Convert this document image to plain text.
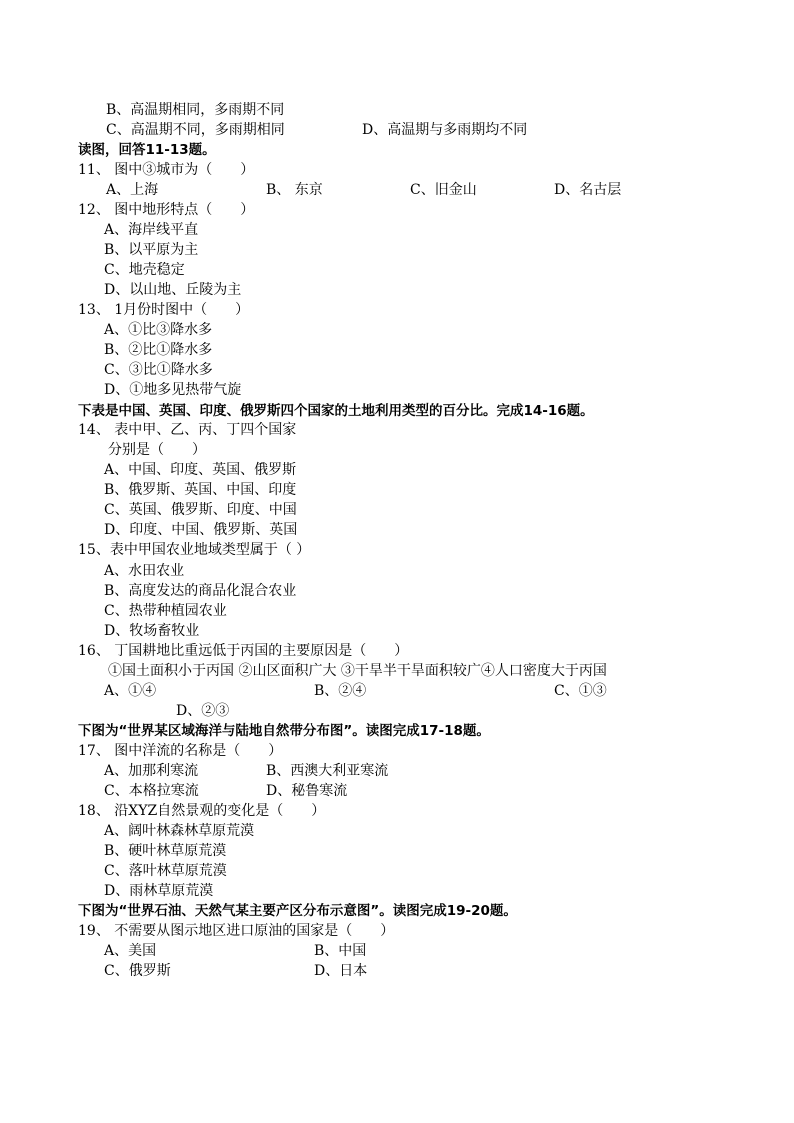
B、高温期相同，多雨期不同
C、高温期不同，多雨期相同	D、高温期与多雨期均不同
读图，回答11-13题。
11、 图中③城市为（　　）
A、上海	B、 东京	C、旧金山	D、名古层
12、 图中地形特点（　　）
A、海岸线平直
B、以平原为主
C、地壳稳定
D、以山地、丘陵为主
13、 1月份时图中（　　）
A、①比③降水多
B、②比①降水多
C、③比①降水多
D、①地多见热带气旋
下表是中国、英国、印度、俄罗斯四个国家的土地利用类型的百分比。完成14-16题。
14、 表中甲、乙、丙、丁四个国家
分别是（　　）
A、中国、印度、英国、俄罗斯
B、俄罗斯、英国、中国、印度
C、英国、俄罗斯、印度、中国
D、印度、中国、俄罗斯、英国
15、表中甲国农业地域类型属于（ ）
A、水田农业
B、高度发达的商品化混合农业
C、热带种植园农业
D、牧场畜牧业
16、 丁国耕地比重远低于丙国的主要原因是（　　）
①国土面积小于丙国 ②山区面积广大 ③干旱半干旱面积较广④人口密度大于丙国
A、①④	B、②④	C、①③
D、②③
下图为“世界某区域海洋与陆地自然带分布图”。读图完成17-18题。
17、 图中洋流的名称是（　　）
A、加那利寒流	B、西澳大利亚寒流
C、本格拉寒流	D、秘鲁寒流
18、 沿XYZ自然景观的变化是（　　）
A、阔叶林森林草原荒漠
B、硬叶林草原荒漠
C、落叶林草原荒漠
D、雨林草原荒漠
下图为“世界石油、天然气某主要产区分布示意图”。读图完成19-20题。
19、 不需要从图示地区进口原油的国家是（　　）
A、美国	B、中国
C、俄罗斯	D、日本
